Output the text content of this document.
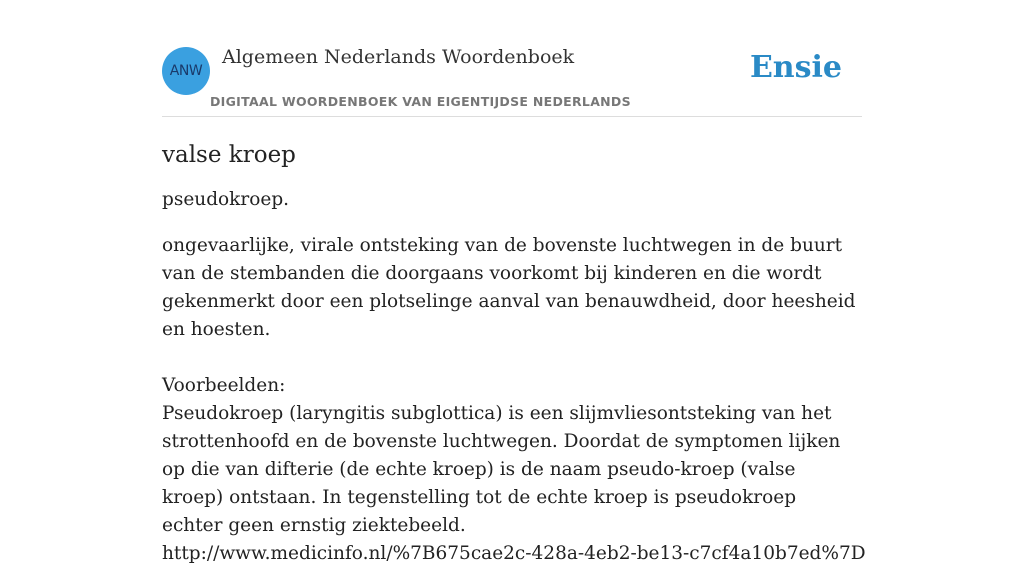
ANW
Algemeen Nederlands Woordenboek
DIGITAAL WOORDENBOEK VAN EIGENTIJDSE NEDERLANDS
Ensie
valse kroep
pseudokroep.
ongevaarlijke, virale ontsteking van de bovenste luchtwegen in de buurt van de stembanden die doorgaans voorkomt bij kinderen en die wordt gekenmerkt door een plotselinge aanval van benauwdheid, door heesheid en hoesten.
Voorbeelden:
Pseudokroep (laryngitis subglottica) is een slijmvliesontsteking van het strottenhoofd en de bovenste luchtwegen. Doordat de symptomen lijken op die van difterie (de echte kroep) is de naam pseudo-kroep (valse kroep) ontstaan. In tegenstelling tot de echte kroep is pseudokroep echter geen ernstig ziektebeeld.
http://www.medicinfo.nl/%7B675cae2c-428a-4eb2-be13-c7cf4a10b7ed%7D
